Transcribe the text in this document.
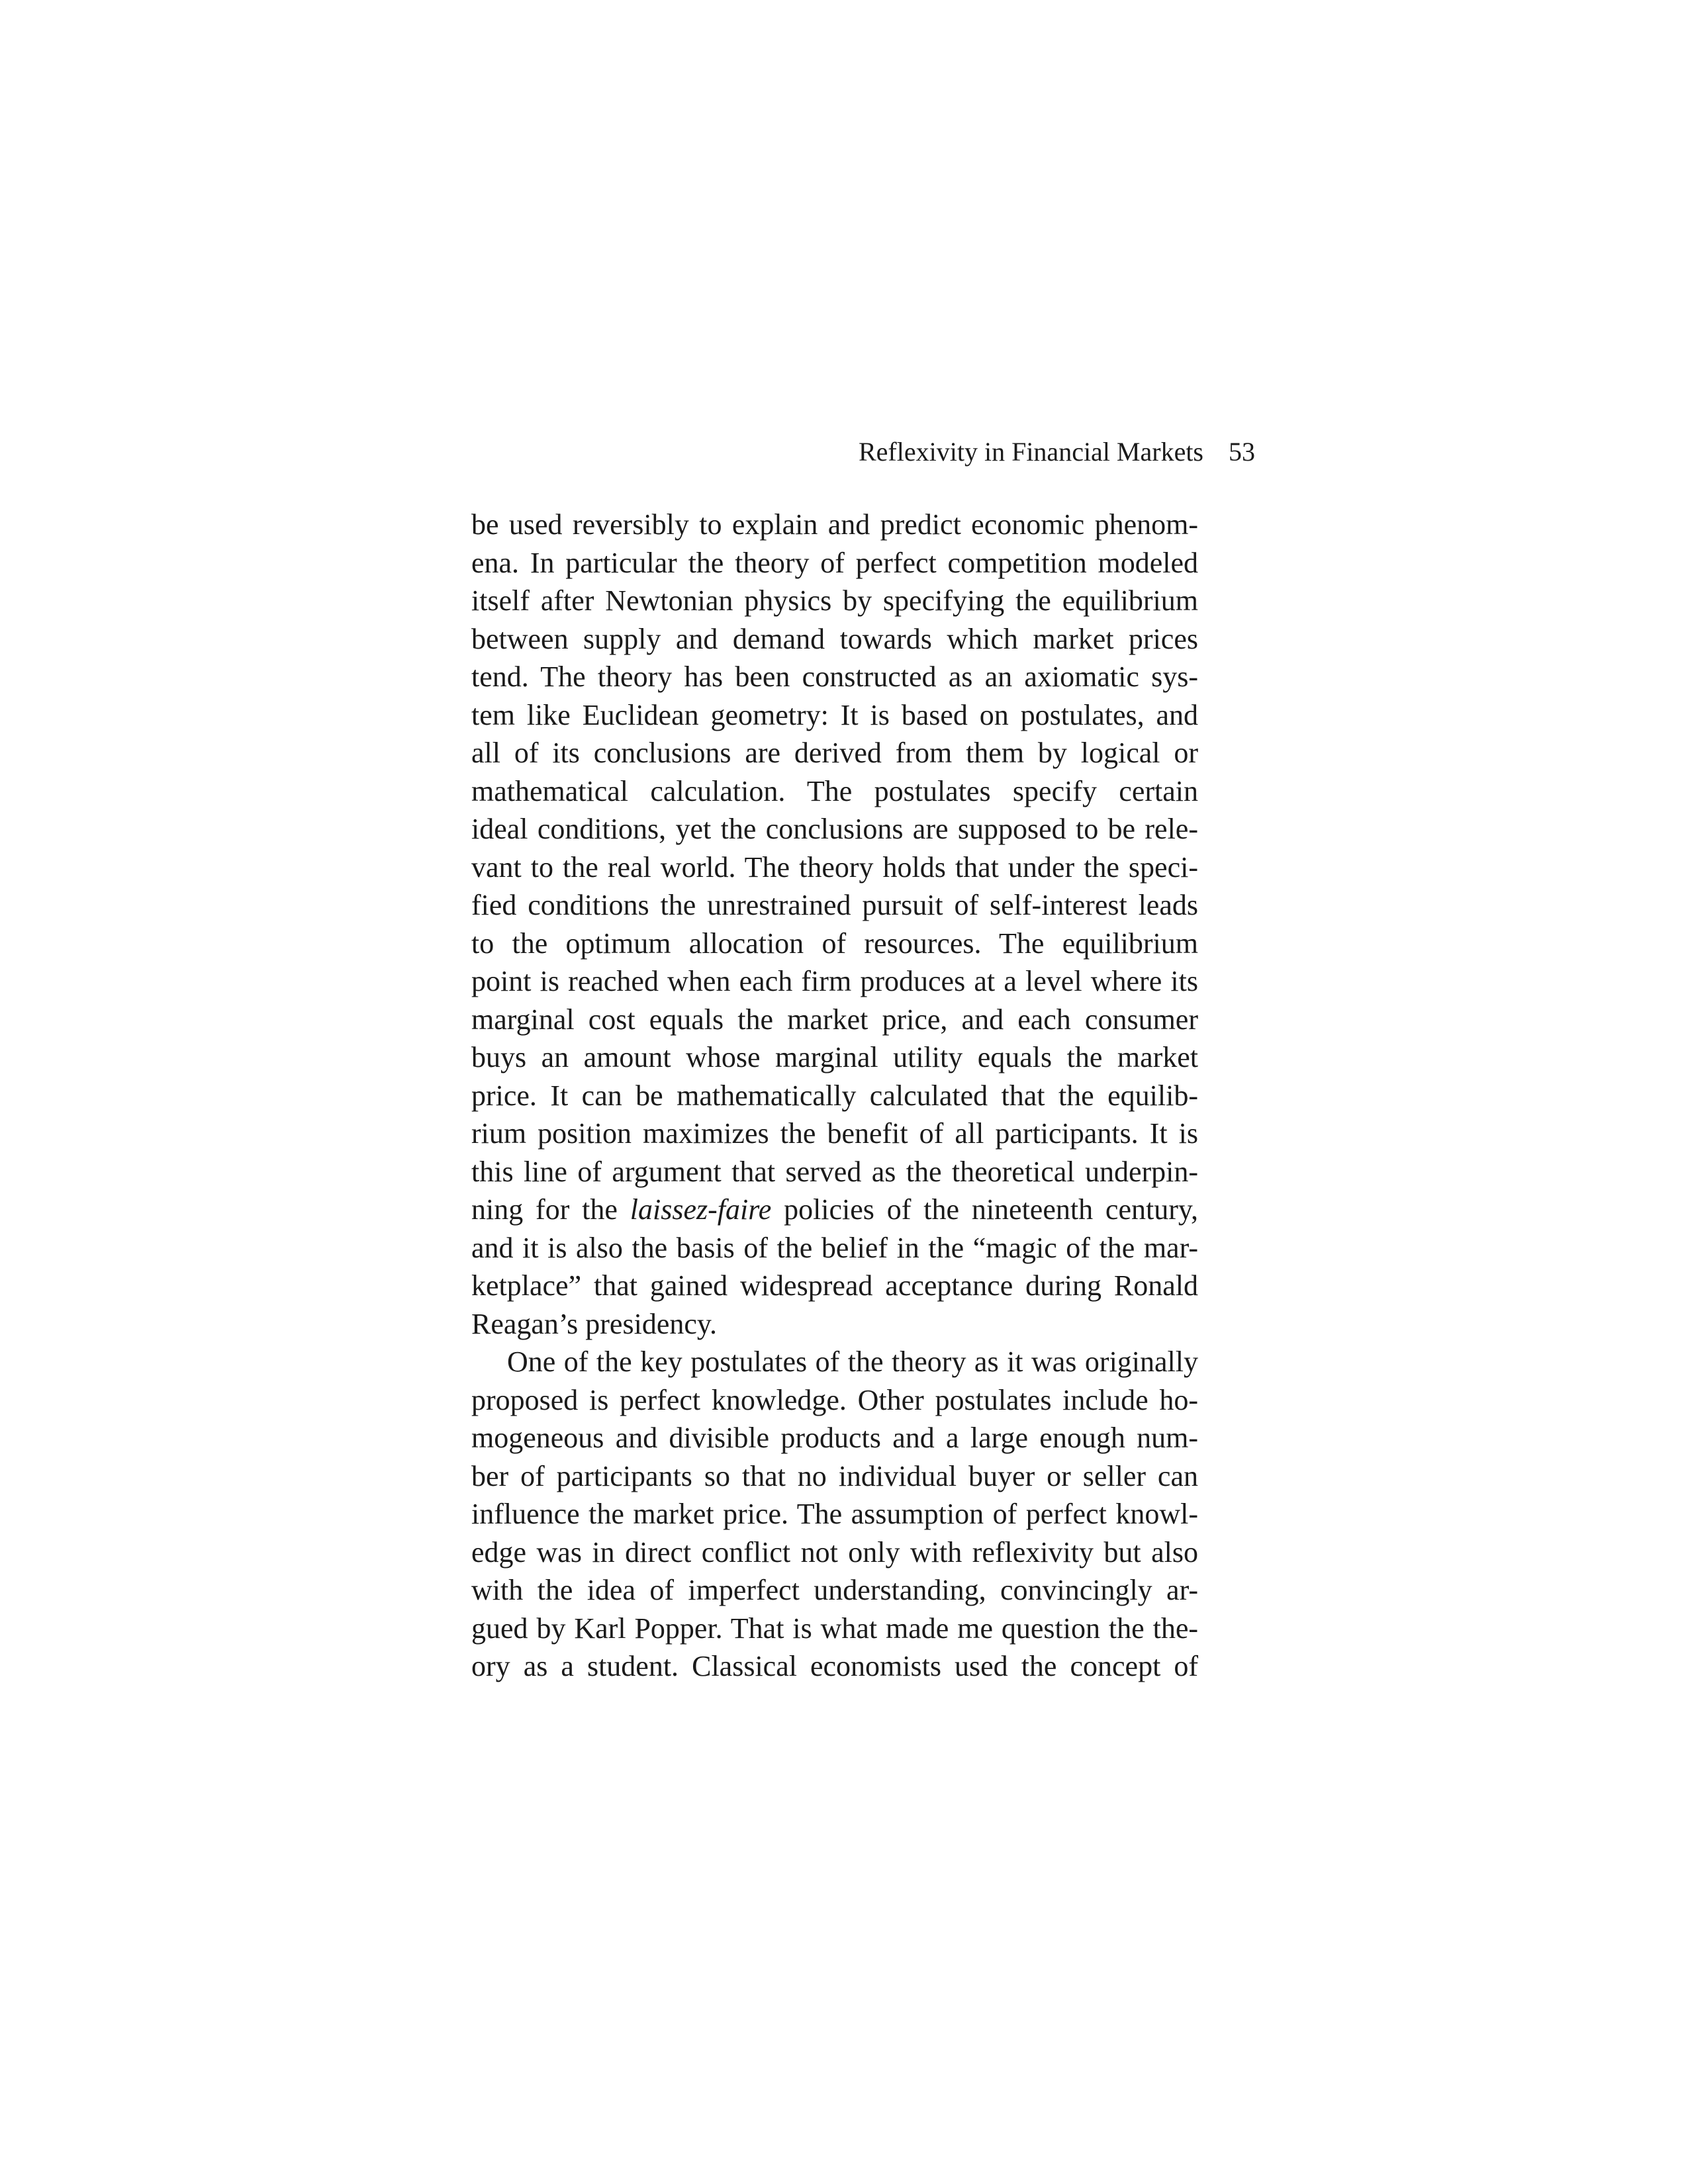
Reflexivity in Financial Markets 53
be used reversibly to explain and predict economic phenom-
ena. In particular the theory of perfect competition modeled
itself after Newtonian physics by specifying the equilibrium
between supply and demand towards which market prices
tend. The theory has been constructed as an axiomatic sys-
tem like Euclidean geometry: It is based on postulates, and
all of its conclusions are derived from them by logical or
mathematical calculation. The postulates specify certain
ideal conditions, yet the conclusions are supposed to be rele-
vant to the real world. The theory holds that under the speci-
fied conditions the unrestrained pursuit of self-interest leads
to the optimum allocation of resources. The equilibrium
point is reached when each firm produces at a level where its
marginal cost equals the market price, and each consumer
buys an amount whose marginal utility equals the market
price. It can be mathematically calculated that the equilib-
rium position maximizes the benefit of all participants. It is
this line of argument that served as the theoretical underpin-
ning for the laissez-faire policies of the nineteenth century,
and it is also the basis of the belief in the “magic of the mar-
ketplace” that gained widespread acceptance during Ronald
Reagan’s presidency.
One of the key postulates of the theory as it was originally
proposed is perfect knowledge. Other postulates include ho-
mogeneous and divisible products and a large enough num-
ber of participants so that no individual buyer or seller can
influence the market price. The assumption of perfect knowl-
edge was in direct conflict not only with reflexivity but also
with the idea of imperfect understanding, convincingly ar-
gued by Karl Popper. That is what made me question the the-
ory as a student. Classical economists used the concept of
